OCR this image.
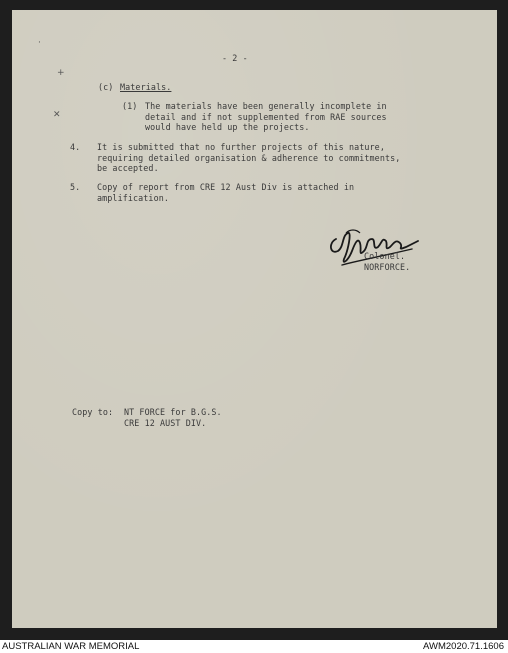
·
+
✕

- 2 -

(c) Materials.

(1) The materials have been generally incomplete in

detail and if not supplemented from RAE sources

would have held up the projects.

4. It is submitted that no further projects of this nature,

requiring detailed organisation & adherence to commitments,

be accepted.

5. Copy of report from CRE 12 Aust Div is attached in

amplification.

Colonel.

NORFORCE.

Copy to: NT FORCE for B.G.S.

CRE 12 AUST DIV.

AUSTRALIAN WAR MEMORIAL	AWM2020.71.1606
